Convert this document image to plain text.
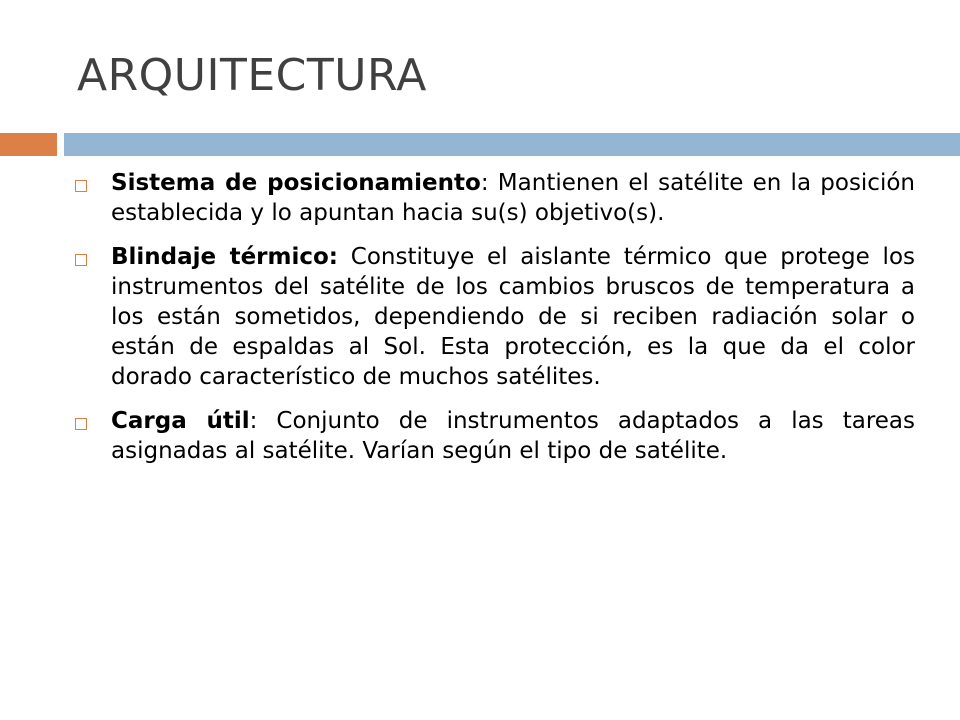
ARQUITECTURA
Sistema de posicionamiento: Mantienen el satélite en la posición establecida y lo apuntan hacia su(s) objetivo(s).
Blindaje térmico: Constituye el aislante térmico que protege los instrumentos del satélite de los cambios bruscos de temperatura a los están sometidos, dependiendo de si reciben radiación solar o están de espaldas al Sol. Esta protección, es la que da el color dorado característico de muchos satélites.
Carga útil: Conjunto de instrumentos adaptados a las tareas asignadas al satélite. Varían según el tipo de satélite.
